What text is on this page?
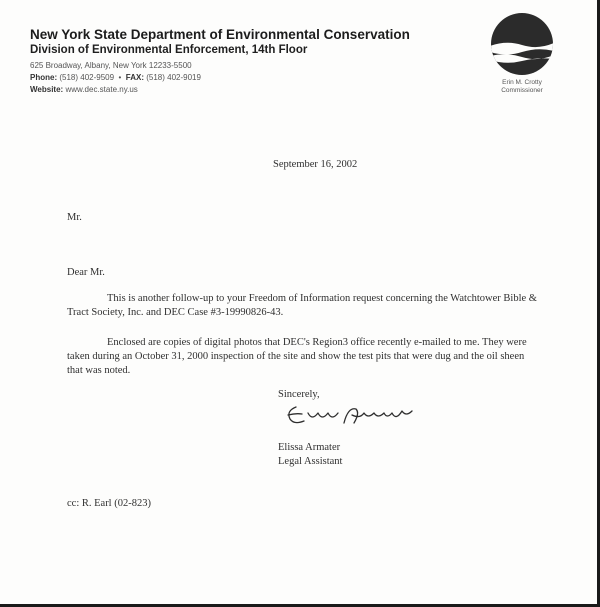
New York State Department of Environmental Conservation
Division of Environmental Enforcement, 14th Floor
625 Broadway, Albany, New York 12233-5500
Phone: (518) 402-9509  •  FAX: (518) 402-9019
Website: www.dec.state.ny.us
Erin M. Crotty
Commissioner
September 16, 2002
Mr.
Dear Mr.
This is another follow-up to your Freedom of Information request concerning the Watchtower Bible & Tract Society, Inc. and DEC Case #3-19990826-43.
Enclosed are copies of digital photos that DEC's Region3 office recently e-mailed to me. They were taken during an October 31, 2000 inspection of the site and show the test pits that were dug and the oil sheen that was noted.
Sincerely,
Elissa Armater
Legal Assistant
cc: R. Earl (02-823)
